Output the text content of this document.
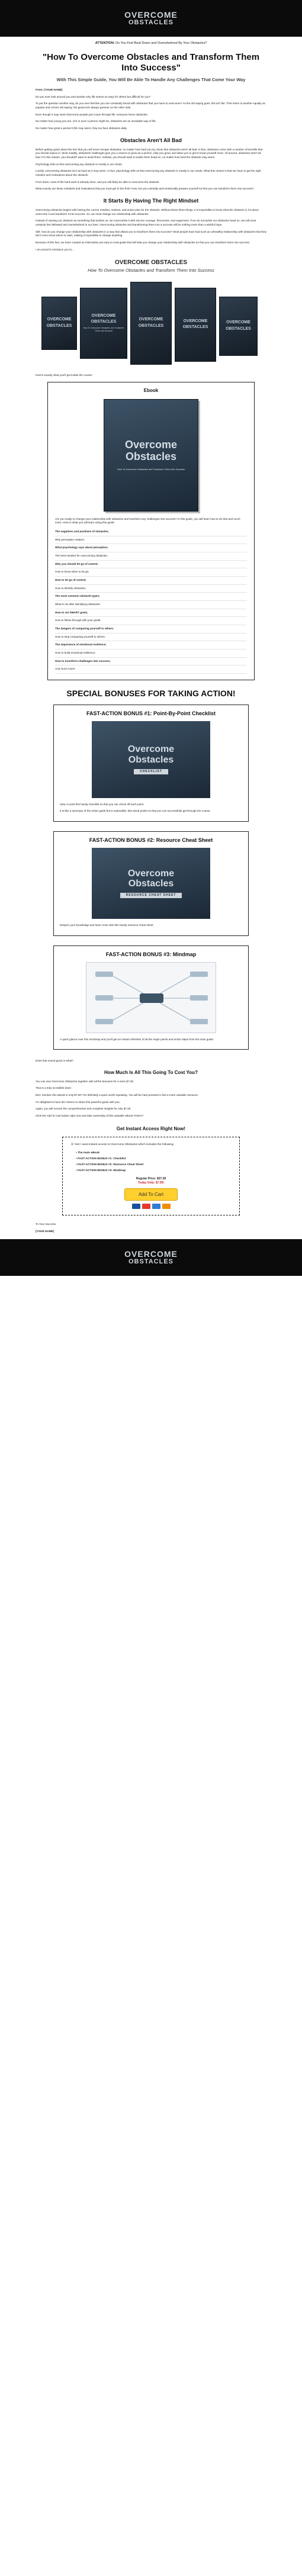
OVERCOME
OBSTACLES
ATTENTION: Do You Feel Beat Down and Overwhelmed By Your Obstacles?
"How To Overcome Obstacles and Transform Them Into Success"
With This Simple Guide, You Will Be Able To Handle Any Challenges That Come Your Way

From: [YOUR NAME]

Do you ever look around you and wonder why life seems so easy for others but difficult for you?

To put the question another way, do you ever feel like you are constantly faced with obstacles that you have to overcome? As the old saying goes, life isn't fair. Then there is another equally as popular and correct old saying: the grass isn't always greener on the other side.

Even though it may seem that some people just cruise through life, everyone faces obstacles.

No matter how young you are, rich or poor a person might be, obstacles are an inevitable way of life.

No matter how great a person's life may seem, they too face obstacles daily.

Obstacles Aren't All Bad

Before getting upset about the fact that you will never escape obstacles, no matter how hard you try, know that obstacles aren't all bad. In fact, obstacles come with a number of benefits that you should rejoice in. Most notably, obstacles/ challenges give you a chance to grow as a person, help you grow, and allow you to get to know yourself more. All around, obstacles aren't all bad. For this reason, you shouldn't want to avoid them. Instead, you should want to tackle them head-on, no matter how hard the obstacle may seem.

Psychology tells us that overcoming any obstacle is mostly in our minds.

Luckily, overcoming obstacles isn't as hard as it may seem. In fact, psychology tells us that overcoming any obstacle is mostly in our minds. What this means is that we have to get the right mindset and motivations about the obstacle.

From there, most of the hard work is already done, and you will likely be able to overcome the obstacle.

What exactly are these mindsets and motivations that you must get in line first? How can you mentally and emotionally prepare yourself so that you can transform them into success?

It Starts By Having The Right Mindset

Overcoming obstacles begins with having the correct mindset, motives, and action plan for the obstacle. Without these three things, it is impossible to know what the obstacle is, let alone overcome it and transform it into success. So, we must change our relationship with obstacles.

Instead of viewing our obstacle as something that tackles us, we must tackle it with sincere courage, fierceness, and eagerness. If we do not tackle our obstacles head on, we will most certainly feel defeated and overwhelmed in our lives. Overcoming obstacles and transforming them into a success will be nothing more than a wishful hope.

Still, how do you change your relationship with obstacles in a way that allows you to transform them into success? Most people have had such an unhealthy relationship with obstacles that they don't even know where to start, making it impossible to change anything.

Because of this fact, we have created an informative yet easy to read guide that will help you change your relationship with obstacles so that you can transform them into success.

I am proud to introduce you to...

OVERCOME OBSTACLES
How To Overcome Obstacles and Transform Them Into Success
OVERCOME OBSTACLES
OVERCOME OBSTACLES
How To Overcome Obstacles and Transform Them Into Success
OVERCOME OBSTACLES
OVERCOME OBSTACLES
OVERCOME OBSTACLES

Here's exactly what you'll get inside the course:

Ebook
Overcome
Obstacles
How To Overcome Obstacles and Transform Them Into Success

Are you ready to change your relationship with obstacles and transform any challenges into success? In this guide, you will learn how to do that and much more. Here is what you will learn using this guide:

The negatives and positives of obstacles;
Why perception matters;
What psychology says about perception;
The best mindset for overcoming obstacles;
Why you should let go of control;
How to know when to let go;
How to let go of control;
How to identify obstacles;
The most common obstacle types;
What to do after identifying obstacles;
How to set SMART goals;
How to follow through with your goals;
The dangers of comparing yourself to others;
How to stop comparing yourself to others;
The importance of emotional resilience;
How to build emotional resilience;
How to transform challenges into success;
And much more!
SPECIAL BONUSES FOR TAKING ACTION!
FAST-ACTION BONUS #1: Point-By-Point Checklist
Overcome
Obstacles
CHECKLIST

View or print this handy checklist so that you can check off each point.

It is like a summary of the entire guide but in actionable, bite-sized points so that you can successfully get through the course.

FAST-ACTION BONUS #2: Resource Cheat Sheet
Overcome
Obstacles
RESOURCE CHEAT SHEET

Deepen your knowledge and learn more with this handy resource cheat sheet.

FAST-ACTION BONUS #3: Mindmap

A quick glance over this mindmap and you'll get an instant refresher of all the major points and action steps from the main guide.

Does that sound good or what?

How Much Is All This Going To Cost You?

You can own Overcome Obstacles together with all the bonuses for a mere $7.00.

That is a truly incredible deal!

Did I mention this eBook is only $7.00? It's definitely a quick worth repeating. You will be hard pressed to find a more valuable resource.

I'm delighted to have the chance to share this powerful guide with you.

Again, you will receive the comprehensive and complete insights for only $7.00.

Click the Add To Cart button right now and take ownership of this valuable eBook TODAY!

Get Instant Access Right Now!
☑ Yes! I want instant access to Overcome Obstacles which includes the following:
• The main eBook
• FAST-ACTION BONUS #1: Checklist
• FAST-ACTION BONUS #2: Resource Cheat Sheet
• FAST-ACTION BONUS #3: Mindmap
Regular Price: $27.00
Today Only: $7.00!
Add To Cart

To Your Success,

[YOUR NAME]

OVERCOME
OBSTACLES
